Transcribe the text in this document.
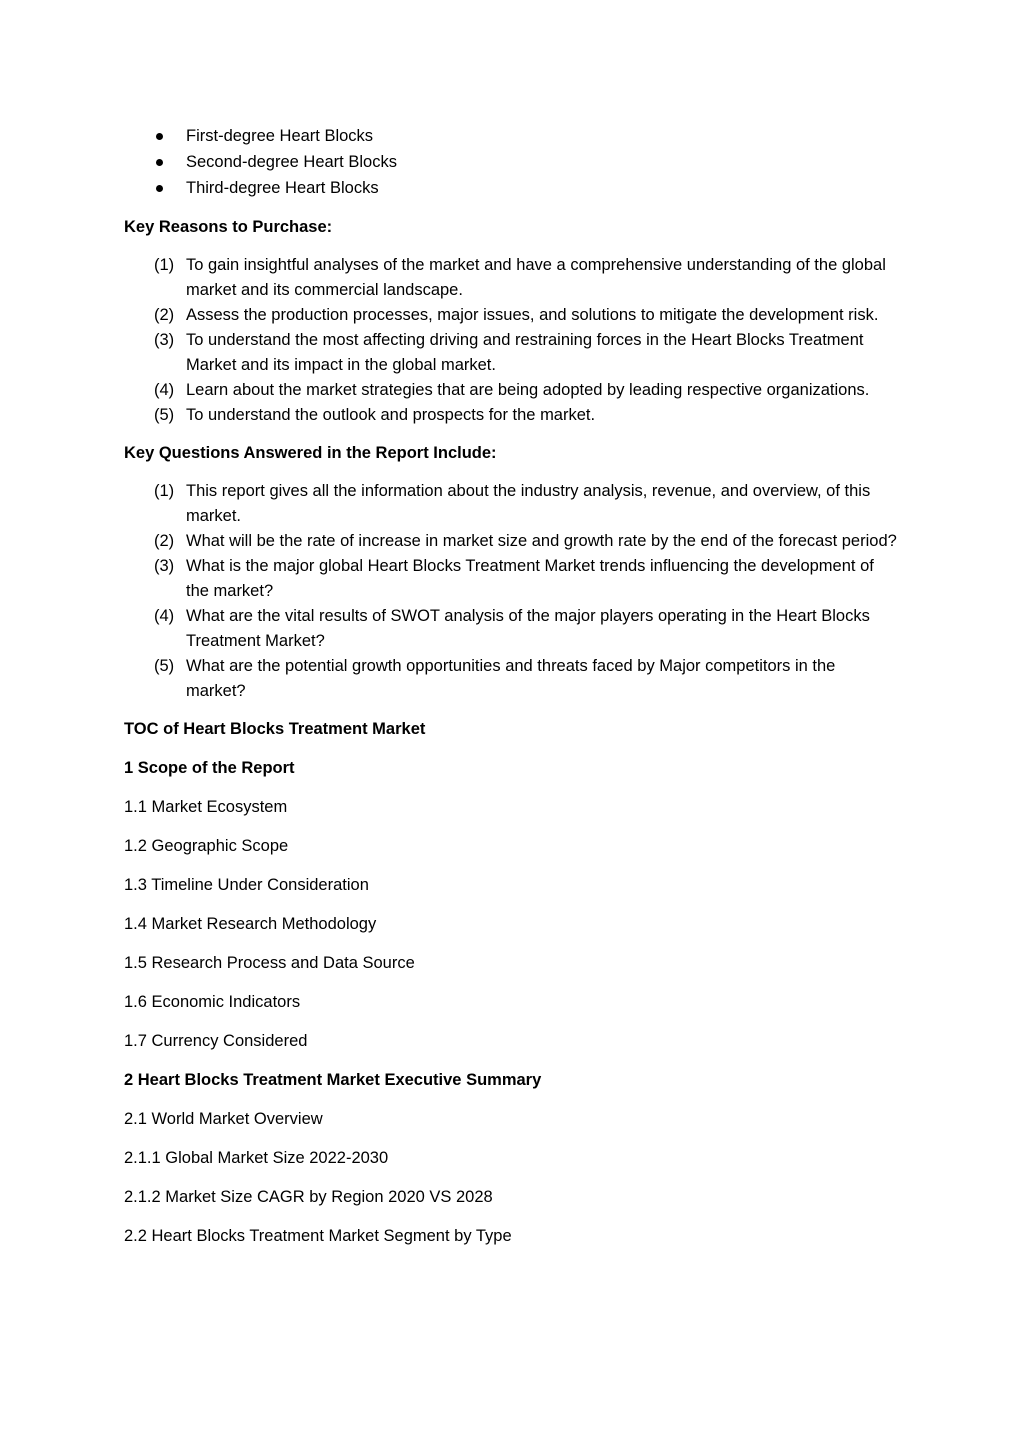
First-degree Heart Blocks
Second-degree Heart Blocks
Third-degree Heart Blocks

Key Reasons to Purchase:

(1) To gain insightful analyses of the market and have a comprehensive understanding of the global market and its commercial landscape.
(2) Assess the production processes, major issues, and solutions to mitigate the development risk.
(3) To understand the most affecting driving and restraining forces in the Heart Blocks Treatment Market and its impact in the global market.
(4) Learn about the market strategies that are being adopted by leading respective organizations.
(5) To understand the outlook and prospects for the market.

Key Questions Answered in the Report Include:

(1) This report gives all the information about the industry analysis, revenue, and overview, of this market.
(2) What will be the rate of increase in market size and growth rate by the end of the forecast period?
(3) What is the major global Heart Blocks Treatment Market trends influencing the development of the market?
(4) What are the vital results of SWOT analysis of the major players operating in the Heart Blocks Treatment Market?
(5) What are the potential growth opportunities and threats faced by Major competitors in the market?

TOC of Heart Blocks Treatment Market

1 Scope of the Report

1.1 Market Ecosystem

1.2 Geographic Scope

1.3 Timeline Under Consideration

1.4 Market Research Methodology

1.5 Research Process and Data Source

1.6 Economic Indicators

1.7 Currency Considered

2 Heart Blocks Treatment Market Executive Summary

2.1 World Market Overview

2.1.1 Global Market Size 2022-2030

2.1.2 Market Size CAGR by Region 2020 VS 2028

2.2 Heart Blocks Treatment Market Segment by Type
